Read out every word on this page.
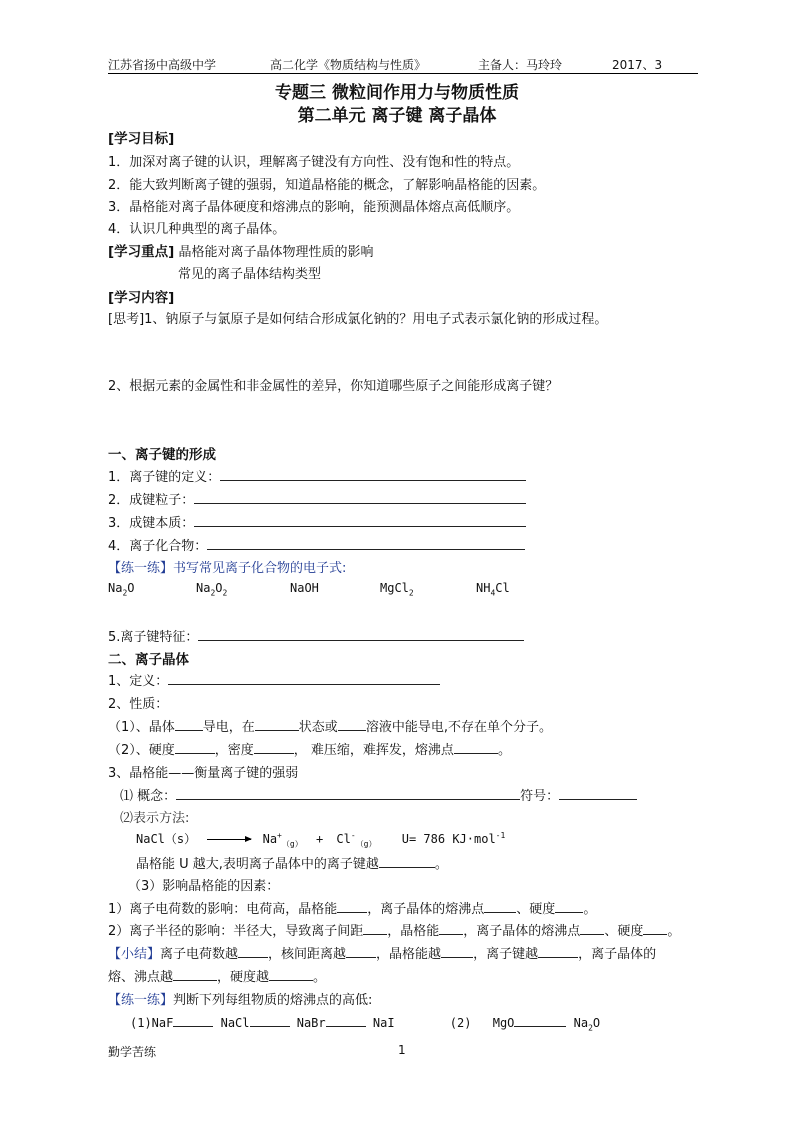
江苏省扬中高级中学	高二化学《物质结构与性质》	主备人：马玲玲	2017、3
专题三 微粒间作用力与物质性质
第二单元 离子键 离子晶体
[学习目标]
1．加深对离子键的认识，理解离子键没有方向性、没有饱和性的特点。
2．能大致判断离子键的强弱，知道晶格能的概念，了解影响晶格能的因素。
3．晶格能对离子晶体硬度和熔沸点的影响，能预测晶体熔点高低顺序。
4．认识几种典型的离子晶体。
[学习重点] 晶格能对离子晶体物理性质的影响
常见的离子晶体结构类型
[学习内容]
[思考]1、钠原子与氯原子是如何结合形成氯化钠的？用电子式表示氯化钠的形成过程。
2、根据元素的金属性和非金属性的差异，你知道哪些原子之间能形成离子键？
一、离子键的形成
1．离子键的定义：
2．成键粒子：
3．成键本质：
4．离子化合物：
【练一练】书写常见离子化合物的电子式:
$Na_2O$	$Na_2O_2$	NaOH	MgCl$_2$	$NH_4Cl$
5.离子键特征：
二、离子晶体
1、定义：
2、性质：
（1）、晶体 导电，在	状态或 溶液中能导电,不存在单个分子。
（2）、硬度	，密度	， 难压缩，难挥发，熔沸点	。
3、晶格能——衡量离子键的强弱
⑴ 概念：	符号：
⑵表示方法:
NaCl（s） → $Na^+_{(g)} + Cl^-_{(g)}$ U= 786 KJ·mol$^{-1}$
晶格能 U 越大,表明离子晶体中的离子键越	。
（3）影响晶格能的因素：
1）离子电荷数的影响：电荷高，晶格能 ，离子晶体的熔沸点 、硬度 。
2）离子半径的影响：半径大，导致离子间距 ，晶格能 ，离子晶体的熔沸点 、硬度 。
【小结】离子电荷数越 ，核间距离越 ，晶格能越 ，离子键越	，离子晶体的
熔、沸点越	，硬度越	。
【练一练】判断下列每组物质的熔沸点的高低:
(1)NaF	NaCl	NaBr	NaI	(2) MgO	$Na_2O$
勤学苦练	1
